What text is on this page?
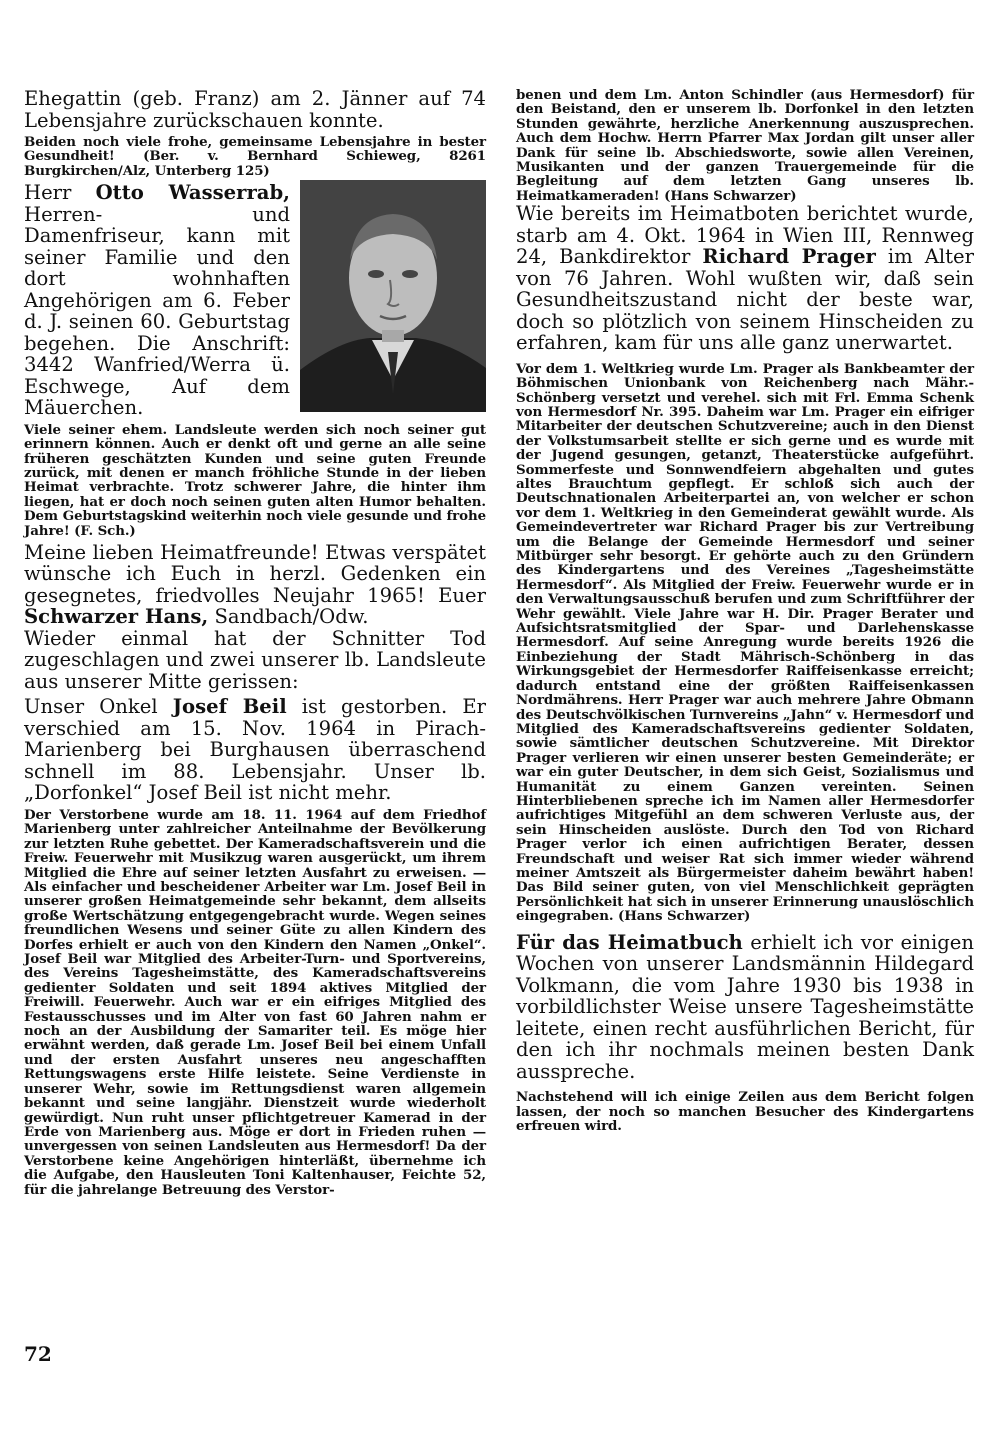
Ehegattin (geb. Franz) am 2. Jänner auf 74 Lebensjahre zurückschauen konnte.

Beiden noch viele frohe, gemeinsame Lebensjahre in bester Gesundheit! (Ber. v. Bernhard Schieweg, 8261 Burgkirchen/Alz, Unterberg 125)

Herr Otto Wasserrab, Herren- und Damenfriseur, kann mit seiner Familie und den dort wohnhaften Angehörigen am 6. Feber d. J. seinen 60. Geburtstag begehen. Die Anschrift: 3442 Wanfried/Werra ü. Eschwege, Auf dem Mäuerchen.

Viele seiner ehem. Landsleute werden sich noch seiner gut erinnern können. Auch er denkt oft und gerne an alle seine früheren geschätzten Kunden und seine guten Freunde zurück, mit denen er manch fröhliche Stunde in der lieben Heimat verbrachte. Trotz schwerer Jahre, die hinter ihm liegen, hat er doch noch seinen guten alten Humor behalten. Dem Geburtstagskind weiterhin noch viele gesunde und frohe Jahre! (F. Sch.)

Meine lieben Heimatfreunde! Etwas verspätet wünsche ich Euch in herzl. Gedenken ein gesegnetes, friedvolles Neujahr 1965! Euer Schwarzer Hans, Sandbach/Odw.

Wieder einmal hat der Schnitter Tod zugeschlagen und zwei unserer lb. Landsleute aus unserer Mitte gerissen:

Unser Onkel Josef Beil ist gestorben. Er verschied am 15. Nov. 1964 in Pirach-Marienberg bei Burghausen überraschend schnell im 88. Lebensjahr. Unser lb. „Dorfonkel“ Josef Beil ist nicht mehr.

Der Verstorbene wurde am 18. 11. 1964 auf dem Friedhof Marienberg unter zahlreicher Anteilnahme der Bevölkerung zur letzten Ruhe gebettet. Der Kameradschaftsverein und die Freiw. Feuerwehr mit Musikzug waren ausgerückt, um ihrem Mitglied die Ehre auf seiner letzten Ausfahrt zu erweisen. — Als einfacher und bescheidener Arbeiter war Lm. Josef Beil in unserer großen Heimatgemeinde sehr bekannt, dem allseits große Wertschätzung entgegengebracht wurde. Wegen seines freundlichen Wesens und seiner Güte zu allen Kindern des Dorfes erhielt er auch von den Kindern den Namen „Onkel“. Josef Beil war Mitglied des Arbeiter-Turn- und Sportvereins, des Vereins Tagesheimstätte, des Kameradschaftsvereins gedienter Soldaten und seit 1894 aktives Mitglied der Freiwill. Feuerwehr. Auch war er ein eifriges Mitglied des Festausschusses und im Alter von fast 60 Jahren nahm er noch an der Ausbildung der Samariter teil. Es möge hier erwähnt werden, daß gerade Lm. Josef Beil bei einem Unfall und der ersten Ausfahrt unseres neu angeschafften Rettungswagens erste Hilfe leistete. Seine Verdienste in unserer Wehr, sowie im Rettungsdienst waren allgemein bekannt und seine langjähr. Dienstzeit wurde wiederholt gewürdigt. Nun ruht unser pflichtgetreuer Kamerad in der Erde von Marienberg aus. Möge er dort in Frieden ruhen — unvergessen von seinen Landsleuten aus Hermesdorf! Da der Verstorbene keine Angehörigen hinterläßt, übernehme ich die Aufgabe, den Hausleuten Toni Kaltenhauser, Feichte 52, für die jahrelange Betreuung des Verstor-

benen und dem Lm. Anton Schindler (aus Hermesdorf) für den Beistand, den er unserem lb. Dorfonkel in den letzten Stunden gewährte, herzliche Anerkennung auszusprechen. Auch dem Hochw. Herrn Pfarrer Max Jordan gilt unser aller Dank für seine lb. Abschiedsworte, sowie allen Vereinen, Musikanten und der ganzen Trauergemeinde für die Begleitung auf dem letzten Gang unseres lb. Heimatkameraden! (Hans Schwarzer)

Wie bereits im Heimatboten berichtet wurde, starb am 4. Okt. 1964 in Wien III, Rennweg 24, Bankdirektor Richard Prager im Alter von 76 Jahren. Wohl wußten wir, daß sein Gesundheitszustand nicht der beste war, doch so plötzlich von seinem Hinscheiden zu erfahren, kam für uns alle ganz unerwartet.

Vor dem 1. Weltkrieg wurde Lm. Prager als Bankbeamter der Böhmischen Unionbank von Reichenberg nach Mähr.-Schönberg versetzt und verehel. sich mit Frl. Emma Schenk von Hermesdorf Nr. 395. Daheim war Lm. Prager ein eifriger Mitarbeiter der deutschen Schutzvereine; auch in den Dienst der Volkstumsarbeit stellte er sich gerne und es wurde mit der Jugend gesungen, getanzt, Theaterstücke aufgeführt. Sommerfeste und Sonnwendfeiern abgehalten und gutes altes Brauchtum gepflegt. Er schloß sich auch der Deutschnationalen Arbeiterpartei an, von welcher er schon vor dem 1. Weltkrieg in den Gemeinderat gewählt wurde. Als Gemeindevertreter war Richard Prager bis zur Vertreibung um die Belange der Gemeinde Hermesdorf und seiner Mitbürger sehr besorgt. Er gehörte auch zu den Gründern des Kindergartens und des Vereines „Tagesheimstätte Hermesdorf“. Als Mitglied der Freiw. Feuerwehr wurde er in den Verwaltungsausschuß berufen und zum Schriftführer der Wehr gewählt. Viele Jahre war H. Dir. Prager Berater und Aufsichtsratsmitglied der Spar- und Darlehenskasse Hermesdorf. Auf seine Anregung wurde bereits 1926 die Einbeziehung der Stadt Mährisch-Schönberg in das Wirkungsgebiet der Hermesdorfer Raiffeisenkasse erreicht; dadurch entstand eine der größten Raiffeisenkassen Nordmährens. Herr Prager war auch mehrere Jahre Obmann des Deutschvölkischen Turnvereins „Jahn“ v. Hermesdorf und Mitglied des Kameradschaftsvereins gedienter Soldaten, sowie sämtlicher deutschen Schutzvereine. Mit Direktor Prager verlieren wir einen unserer besten Gemeinderäte; er war ein guter Deutscher, in dem sich Geist, Sozialismus und Humanität zu einem Ganzen vereinten. Seinen Hinterbliebenen spreche ich im Namen aller Hermesdorfer aufrichtiges Mitgefühl an dem schweren Verluste aus, der sein Hinscheiden auslöste. Durch den Tod von Richard Prager verlor ich einen aufrichtigen Berater, dessen Freundschaft und weiser Rat sich immer wieder während meiner Amtszeit als Bürgermeister daheim bewährt haben! Das Bild seiner guten, von viel Menschlichkeit geprägten Persönlichkeit hat sich in unserer Erinnerung unauslöschlich eingegraben. (Hans Schwarzer)

Für das Heimatbuch erhielt ich vor einigen Wochen von unserer Landsmännin Hildegard Volkmann, die vom Jahre 1930 bis 1938 in vorbildlichster Weise unsere Tagesheimstätte leitete, einen recht ausführlichen Bericht, für den ich ihr nochmals meinen besten Dank ausspreche.

Nachstehend will ich einige Zeilen aus dem Bericht folgen lassen, der noch so manchen Besucher des Kindergartens erfreuen wird.

72
